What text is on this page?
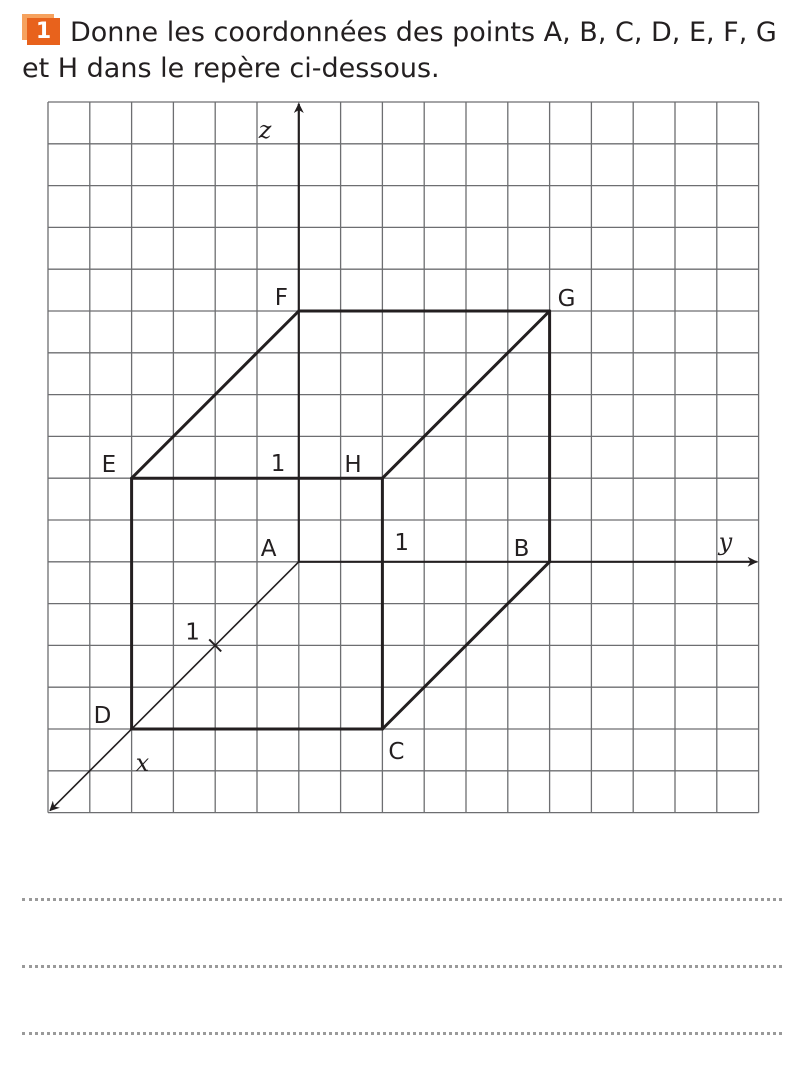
1 Donne les coordonnées des points A, B, C, D, E, F, G et H dans le repère ci-dessous.
A	B
C
D
E
F	G
H
z
y
x
1
1
1
